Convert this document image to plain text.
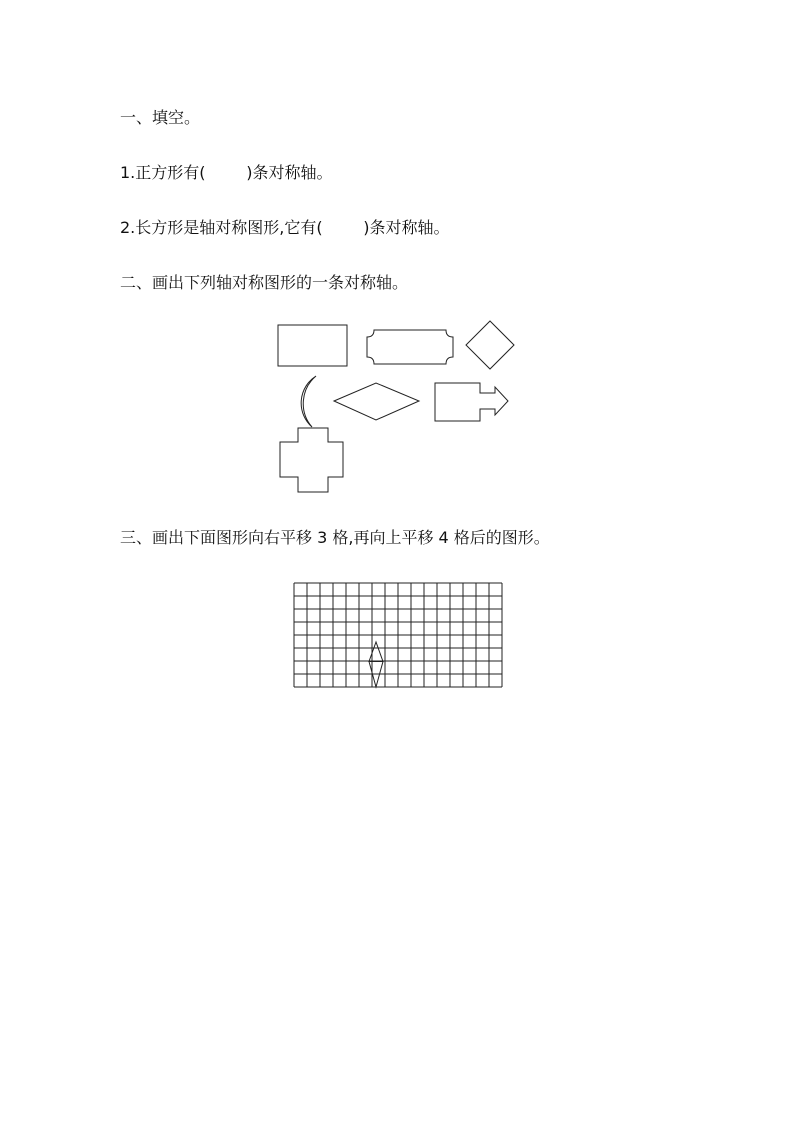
一、填空。
1.正方形有(        )条对称轴。
2.长方形是轴对称图形,它有(        )条对称轴。
二、画出下列轴对称图形的一条对称轴。
三、画出下面图形向右平移 3 格,再向上平移 4 格后的图形。
